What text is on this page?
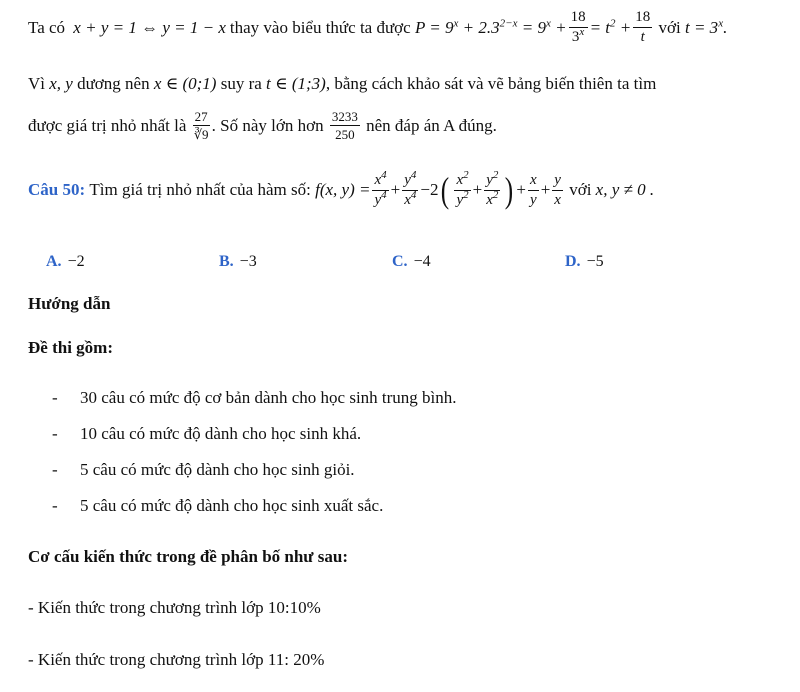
Ta có
x + y = 1 ⇔ y = 1 − x thay vào biểu thức ta được
$P = 9^x + 2.3^{2-x} = 9^x + \frac{18}{3^x} = t^2 + \frac{18}{t}$
với
$t = 3^x$.
Vì
x, y
dương nên
x ∈ (0;1)
suy ra
t ∈ (1;3) , bằng cách khảo sát và vẽ bảng biến thiên ta tìm
được giá trị nhỏ nhất là
$\frac{27}{∛9}$ . Số này lớn hơn
$\frac{3233}{250}$
nên đáp án A đúng.
Câu 50:
Tìm giá trị nhỏ nhất của hàm số:
f(x, $y) = \frac{x^4}{y^4} + \frac{y^4}{x^4} -2$ ( $\frac{x^2}{y^2} + \frac{y^2}{x^2}$ ) + $\frac{x}{y} + \frac{y}{x}$
với
x, y ≠ 0 .
A. −2	B. −3	C. −4	D. −5
Hướng dẫn
Đề thi gồm:
- 30 câu có mức độ cơ bản dành cho học sinh trung bình.
- 10 câu có mức độ dành cho học sinh khá.
- 5 câu có mức độ dành cho học sinh giỏi.
- 5 câu có mức độ dành cho học sinh xuất sắc.
Cơ cấu kiến thức trong đề phân bố như sau:
- Kiến thức trong chương trình lớp 10:10%
- Kiến thức trong chương trình lớp 11: 20%
